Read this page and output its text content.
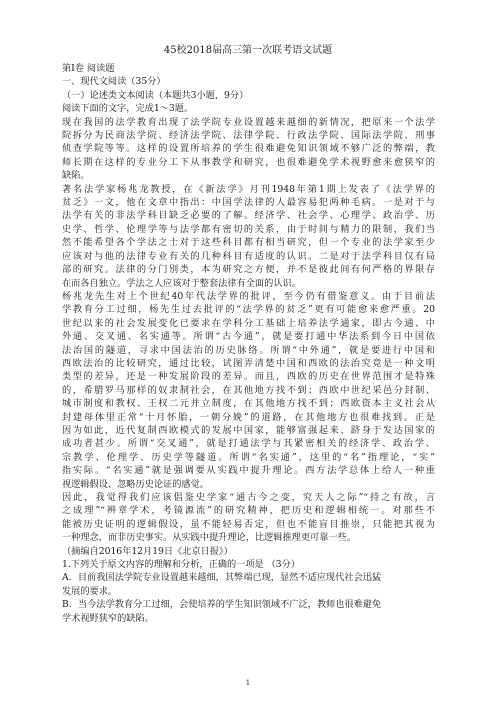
45校2018届高三第一次联考语文试题
第Ⅰ卷 阅读题
一、现代文阅读（35分）
（一）论述类文本阅读（本题共3小题，9分）
阅读下面的文字，完成1～3题。
现在我国的法学教育出现了法学院专业设置越来越细的新情况，把原来一个法学
院拆分为民商法学院、经济法学院、法律学院、行政法学院、国际法学院、刑事
侦查学院等等。这样的设置所培养的学生很难避免知识领域不够广泛的弊端，教
师长期在这样的专业分工下从事教学和研究，也很难避免学术视野愈来愈狭窄的
缺陷。
著名法学家杨兆龙教授，在《新法学》月刊1948年第1期上发表了《法学界的
贫乏》一文，他在文章中指出：中国学法律的人最容易犯两种毛病。一是对于与
法学有关的非法学科目缺乏必要的了解。经济学、社会学、心理学、政治学、历
史学、哲学、伦理学等与法学都有密切的关系，由于时间与精力的限制，我们当
然不能希望各个学法之士对于这些科目都有相当研究，但一个专业的法学家至少
应该对与他的法律专业有关的几种科目有适度的认识。二是对于法学科目仅有局
部的研究。法律的分门别类，本为研究之方便，并不是彼此间有何严格的界限存
在而各自独立。学法之人应该对于整套法律有全面的认识。
杨兆龙先生对上个世纪40年代法学界的批评，至今仍有借鉴意义。由于目前法
学教育分工过细，杨先生过去批评的“法学界的贫乏”更有可能愈来愈严重。20
世纪以来的社会发展变化已要求在学科分工基础上培养法学通家，即古今通、中
外通、交叉通、名实通等。所谓“古今通”，就是要打通中华法系到今日中国依
法治国的隧道，寻求中国法治的历史脉络。所谓“中外通”，就是要进行中国和
西欧法治的比较研究，通过比较，试图弄清楚中国和西欧的法治究竟是一种文明
类型的差异，还是一种发展阶段的差异。而且，西欧的历史在世界范围才是特殊
的，希腊罗马那样的奴隶制社会，在其他地方找不到；西欧中世纪采邑分封制、
城市制度和教权、王权二元并立制度，在其他地方找不到；西欧资本主义社会从
封建母体里正常“十月怀胎，一朝分娩”的道路，在其他地方也很难找到。正是
因为如此，近代复制西欧模式的发展中国家，能够富强起来、跻身于发达国家的
成功者甚少。所谓“交叉通”，就是打通法学与其紧密相关的经济学、政治学、
宗教学、伦理学、历史学等隧道。所谓“名实通”，这里的“名”指理论，“实”
指实际。“名实通”就是强调要从实践中提升理论。西方法学总体上给人一种重
视逻辑假设、忽略历史论证的感觉。
因此，我觉得我们应该倡鉴史学家“通古今之变，究天人之际”“持之有故，言
之成理”“辨章学术，考镜源流”的研究精神，把历史和逻辑相统一。对那些不
能被历史证明的逻辑假设，虽不能轻易否定，但也不能盲目推崇，只能把其视为
一种理念，而非历史事实。从实践中提升理论，比逻辑推理更可靠一些。
（摘编自2016年12月19日《北京日报》）
1.下列关于原文内容的理解和分析，正确的一项是 （3分）
A．目前我国法学院专业设置越来越细，其弊端已现，显然不适应现代社会迅猛
发展的要求。
B．当今法学教育分工过细，会使培养的学生知识领域不广泛，教师也很难避免
学术视野狭窄的缺陷。
1
